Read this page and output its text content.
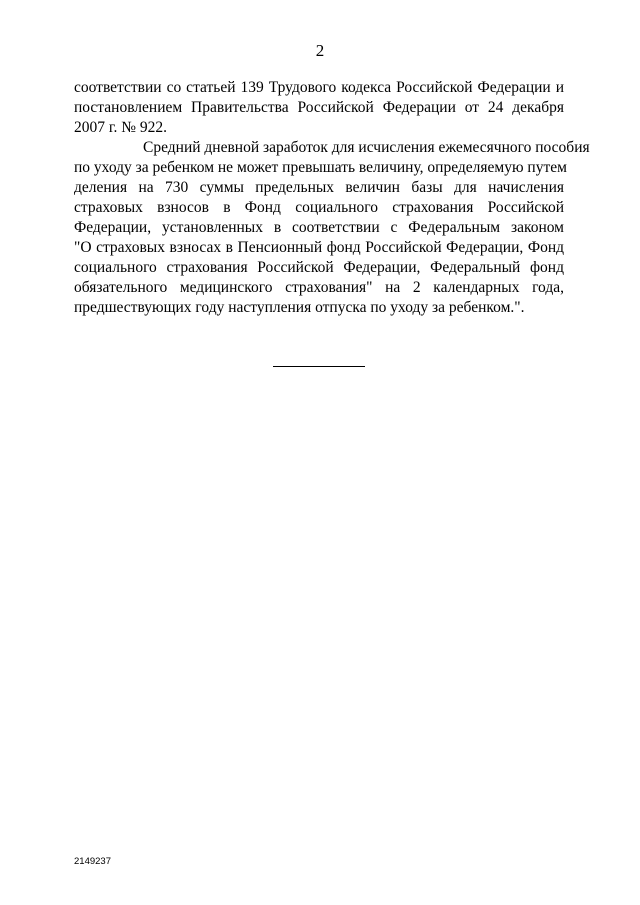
2

соответствии со статьей 139 Трудового кодекса Российской Федерации и
постановлением Правительства Российской Федерации от 24 декабря
2007 г. № 922.

Средний дневной заработок для исчисления ежемесячного пособия
по уходу за ребенком не может превышать величину, определяемую путем
деления на 730 суммы предельных величин базы для начисления
страховых взносов в Фонд социального страхования Российской
Федерации, установленных в соответствии с Федеральным законом
"О страховых взносах в Пенсионный фонд Российской Федерации, Фонд
социального страхования Российской Федерации, Федеральный фонд
обязательного медицинского страхования" на 2 календарных года,
предшествующих году наступления отпуска по уходу за ребенком.".

2149237
